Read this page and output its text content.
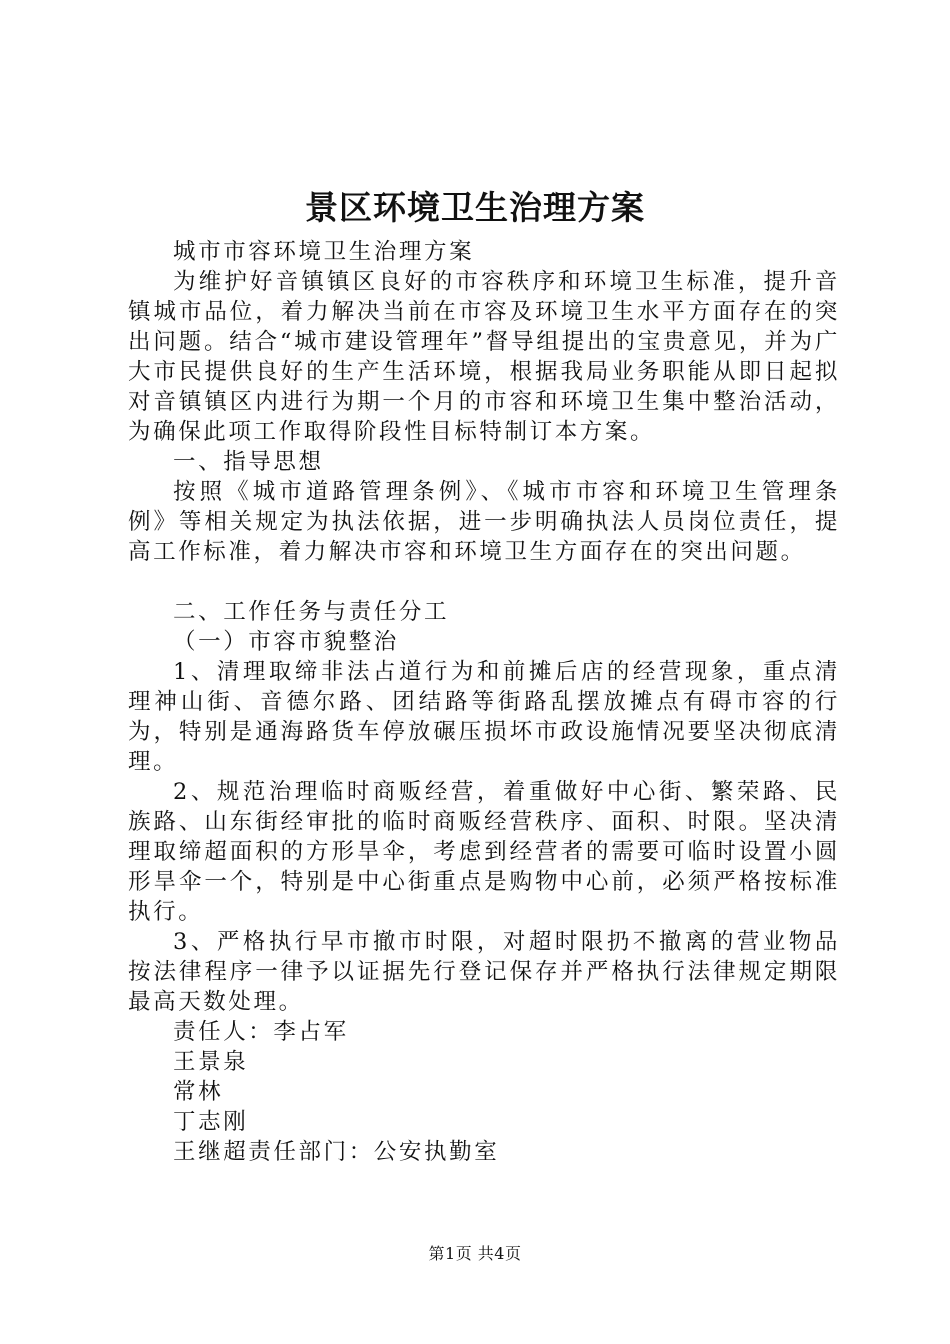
景区环境卫生治理方案

城市市容环境卫生治理方案

为维护好音镇镇区良好的市容秩序和环境卫生标准，提升音镇城市品位，着力解决当前在市容及环境卫生水平方面存在的突出问题。结合“城市建设管理年”督导组提出的宝贵意见，并为广大市民提供良好的生产生活环境，根据我局业务职能从即日起拟对音镇镇区内进行为期一个月的市容和环境卫生集中整治活动，为确保此项工作取得阶段性目标特制订本方案。

一、指导思想

按照《城市道路管理条例》、《城市市容和环境卫生管理条例》等相关规定为执法依据，进一步明确执法人员岗位责任，提高工作标准，着力解决市容和环境卫生方面存在的突出问题。

二、工作任务与责任分工

（一）市容市貌整治

1、清理取缔非法占道行为和前摊后店的经营现象，重点清理神山街、音德尔路、团结路等街路乱摆放摊点有碍市容的行为，特别是通海路货车停放碾压损坏市政设施情况要坚决彻底清理。

2、规范治理临时商贩经营，着重做好中心街、繁荣路、民族路、山东街经审批的临时商贩经营秩序、面积、时限。坚决清理取缔超面积的方形旱伞，考虑到经营者的需要可临时设置小圆形旱伞一个，特别是中心街重点是购物中心前，必须严格按标准执行。

3、严格执行早市撤市时限，对超时限扔不撤离的营业物品按法律程序一律予以证据先行登记保存并严格执行法律规定期限最高天数处理。

责任人：李占军

王景泉

常林

丁志刚

王继超责任部门：公安执勤室

第1页 共4页
